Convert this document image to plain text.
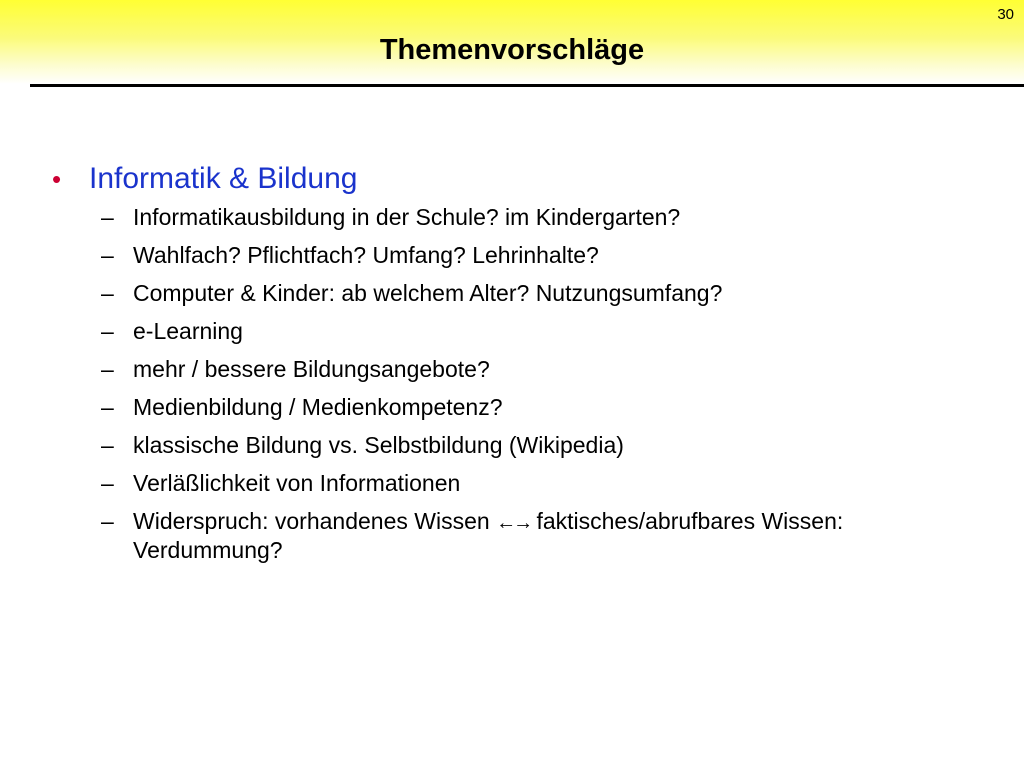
30
Themenvorschläge
• Informatik & Bildung
– Informatikausbildung in der Schule? im Kindergarten?
– Wahlfach? Pflichtfach? Umfang? Lehrinhalte?
– Computer & Kinder: ab welchem Alter? Nutzungsumfang?
– e-Learning
– mehr / bessere Bildungsangebote?
– Medienbildung / Medienkompetenz?
– klassische Bildung vs. Selbstbildung (Wikipedia)
– Verläßlichkeit von Informationen
– Widerspruch: vorhandenes Wissen ←→ faktisches/abrufbares Wissen: Verdummung?
